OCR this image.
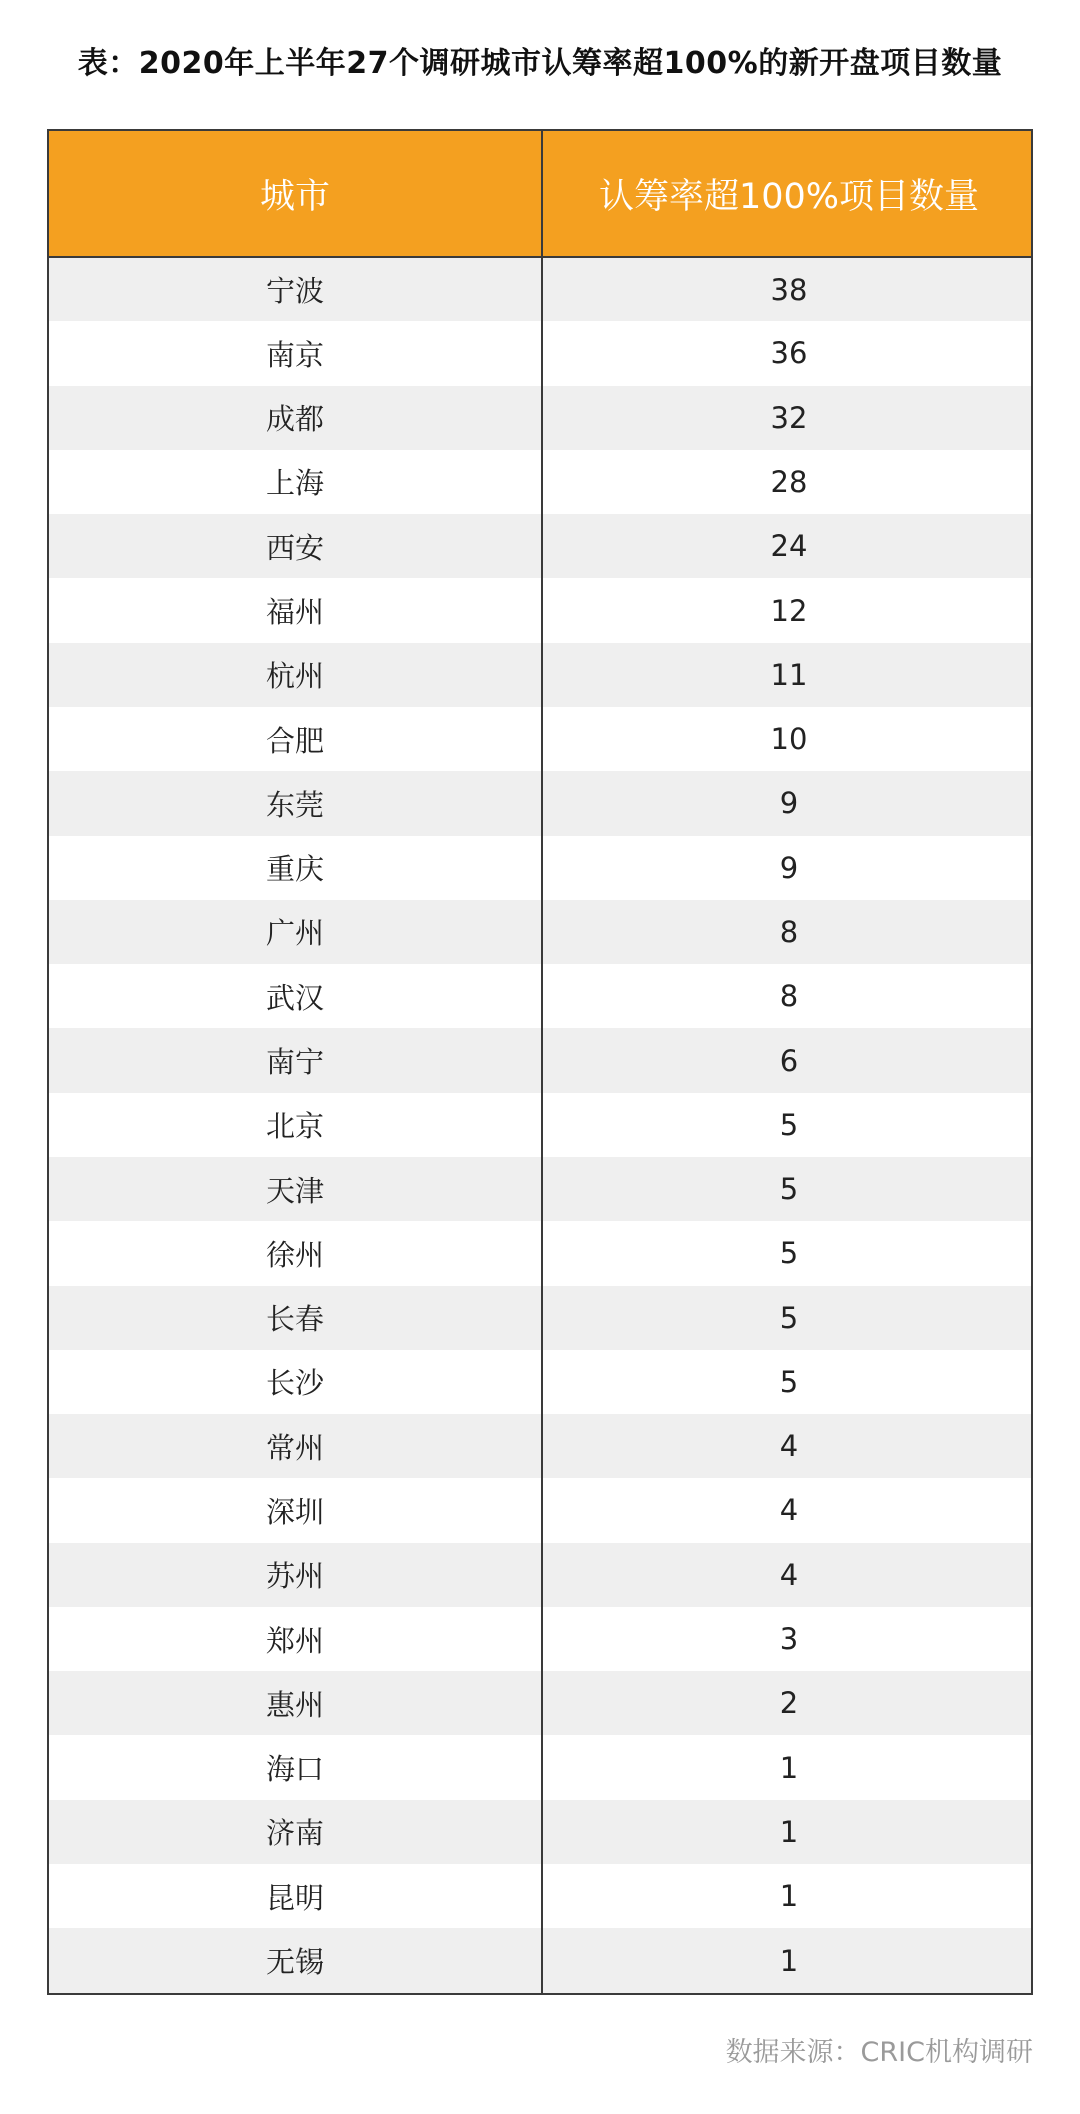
表：2020年上半年27个调研城市认筹率超100%的新开盘项目数量
城市	认筹率超100%项目数量
宁波	38
南京	36
成都	32
上海	28
西安	24
福州	12
杭州	11
合肥	10
东莞	9
重庆	9
广州	8
武汉	8
南宁	6
北京	5
天津	5
徐州	5
长春	5
长沙	5
常州	4
深圳	4
苏州	4
郑州	3
惠州	2
海口	1
济南	1
昆明	1
无锡	1
数据来源：CRIC机构调研
